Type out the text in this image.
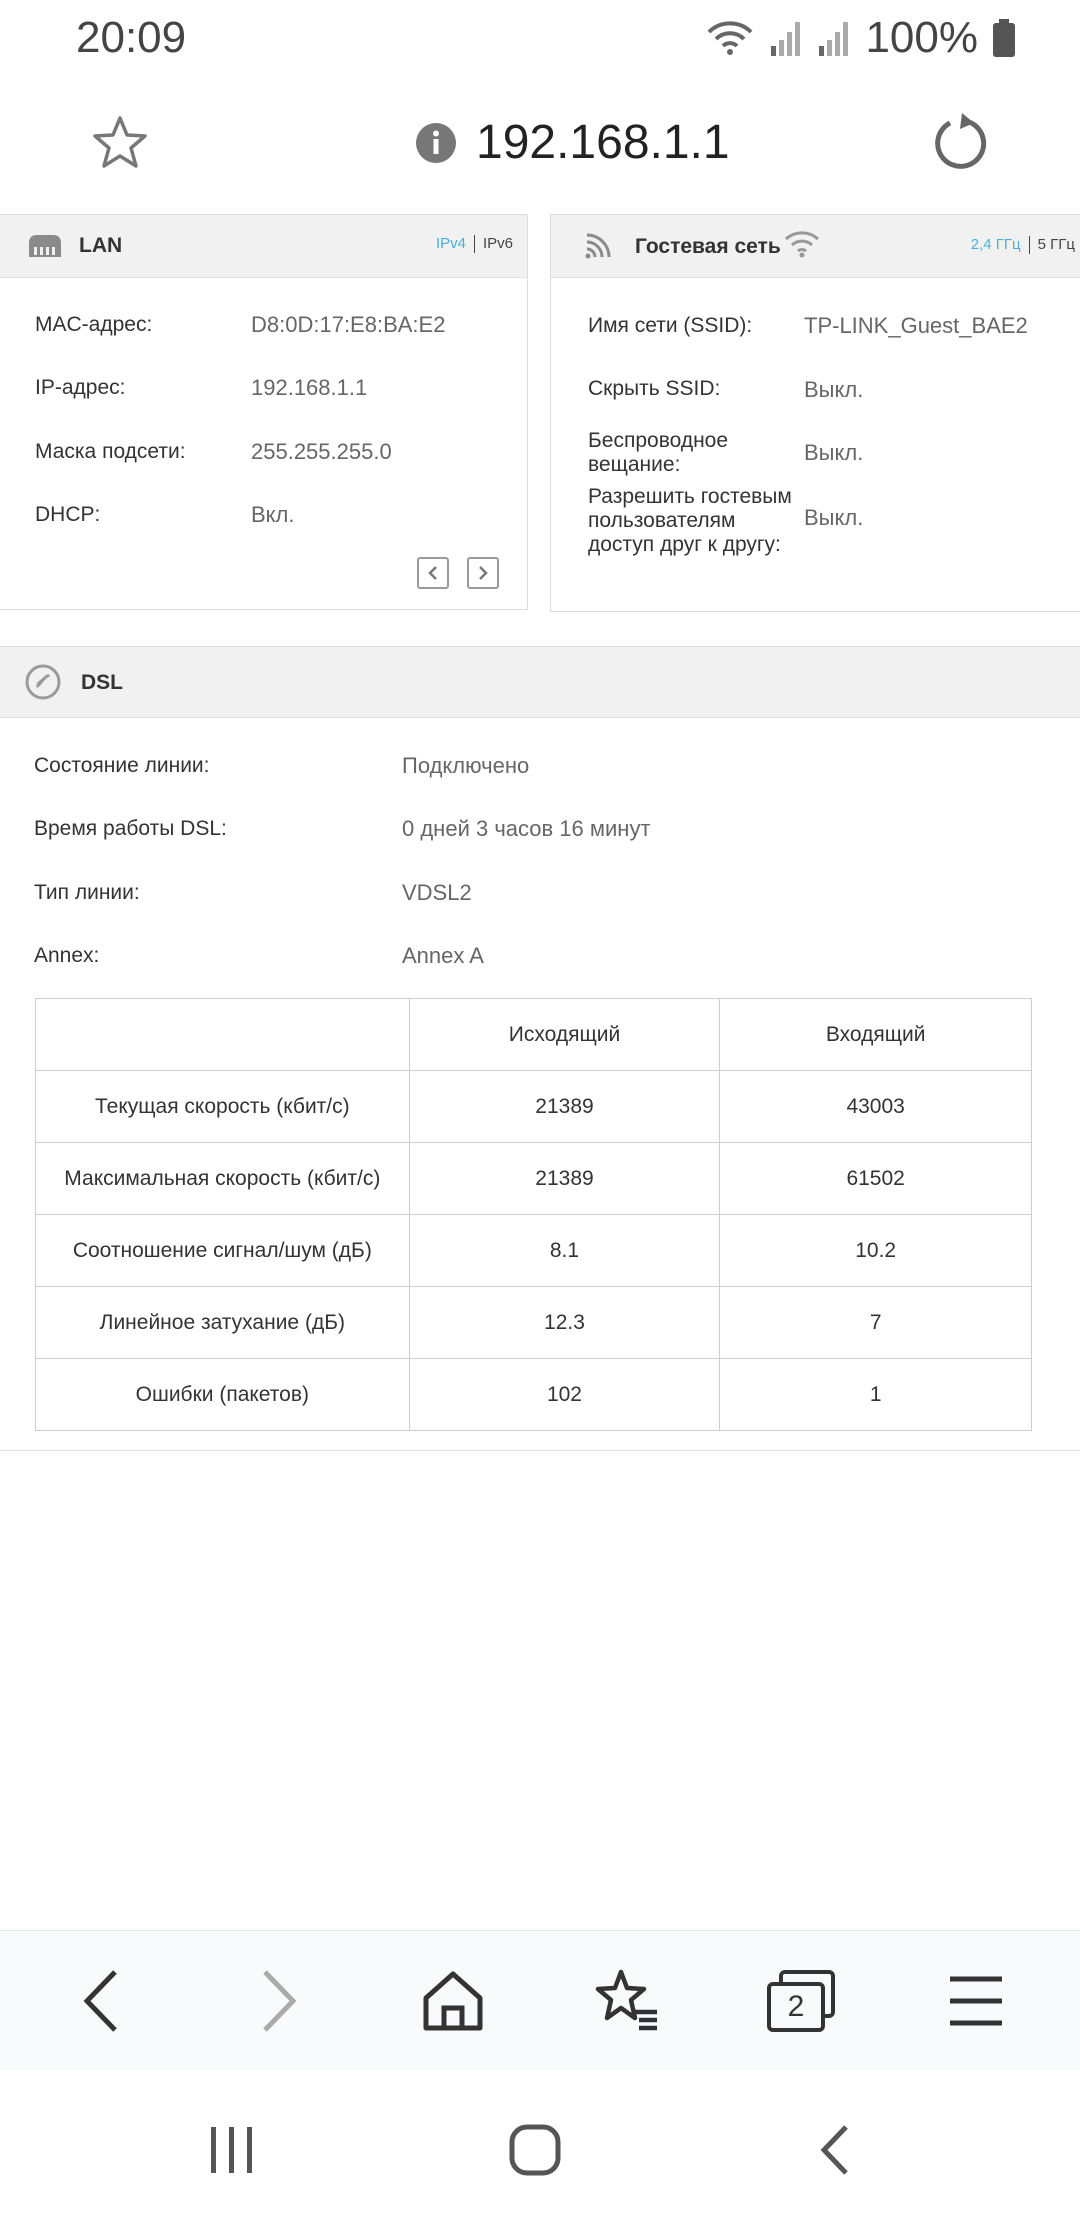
20:09	100%
192.168.1.1
LAN	IPv4 IPv6
MAC-адрес:	D8:0D:17:E8:BA:E2
IP-адрес:	192.168.1.1
Маска подсети:	255.255.255.0
DHCP:	Вкл.
Гостевая сеть	2,4 ГГц 5 ГГц
Имя сети (SSID): TP-LINK_Guest_BAE2
Скрыть SSID:	Выкл.
Беспроводное вещание:	Выкл.
Разрешить гостевым пользователям доступ друг к другу:
Выкл.
DSL
Состояние линии:	Подключено
Время работы DSL:	0 дней 3 часов 16 минут
Тип линии:	VDSL2
Annex:	Annex A
	Исходящий	Входящий
Текущая скорость (кбит/с)	21389	43003
Максимальная скорость (кбит/с)	21389	61502
Соотношение сигнал/шум (дБ)	8.1	10.2
Линейное затухание (дБ)	12.3	7
Ошибки (пакетов)	102	1
2
